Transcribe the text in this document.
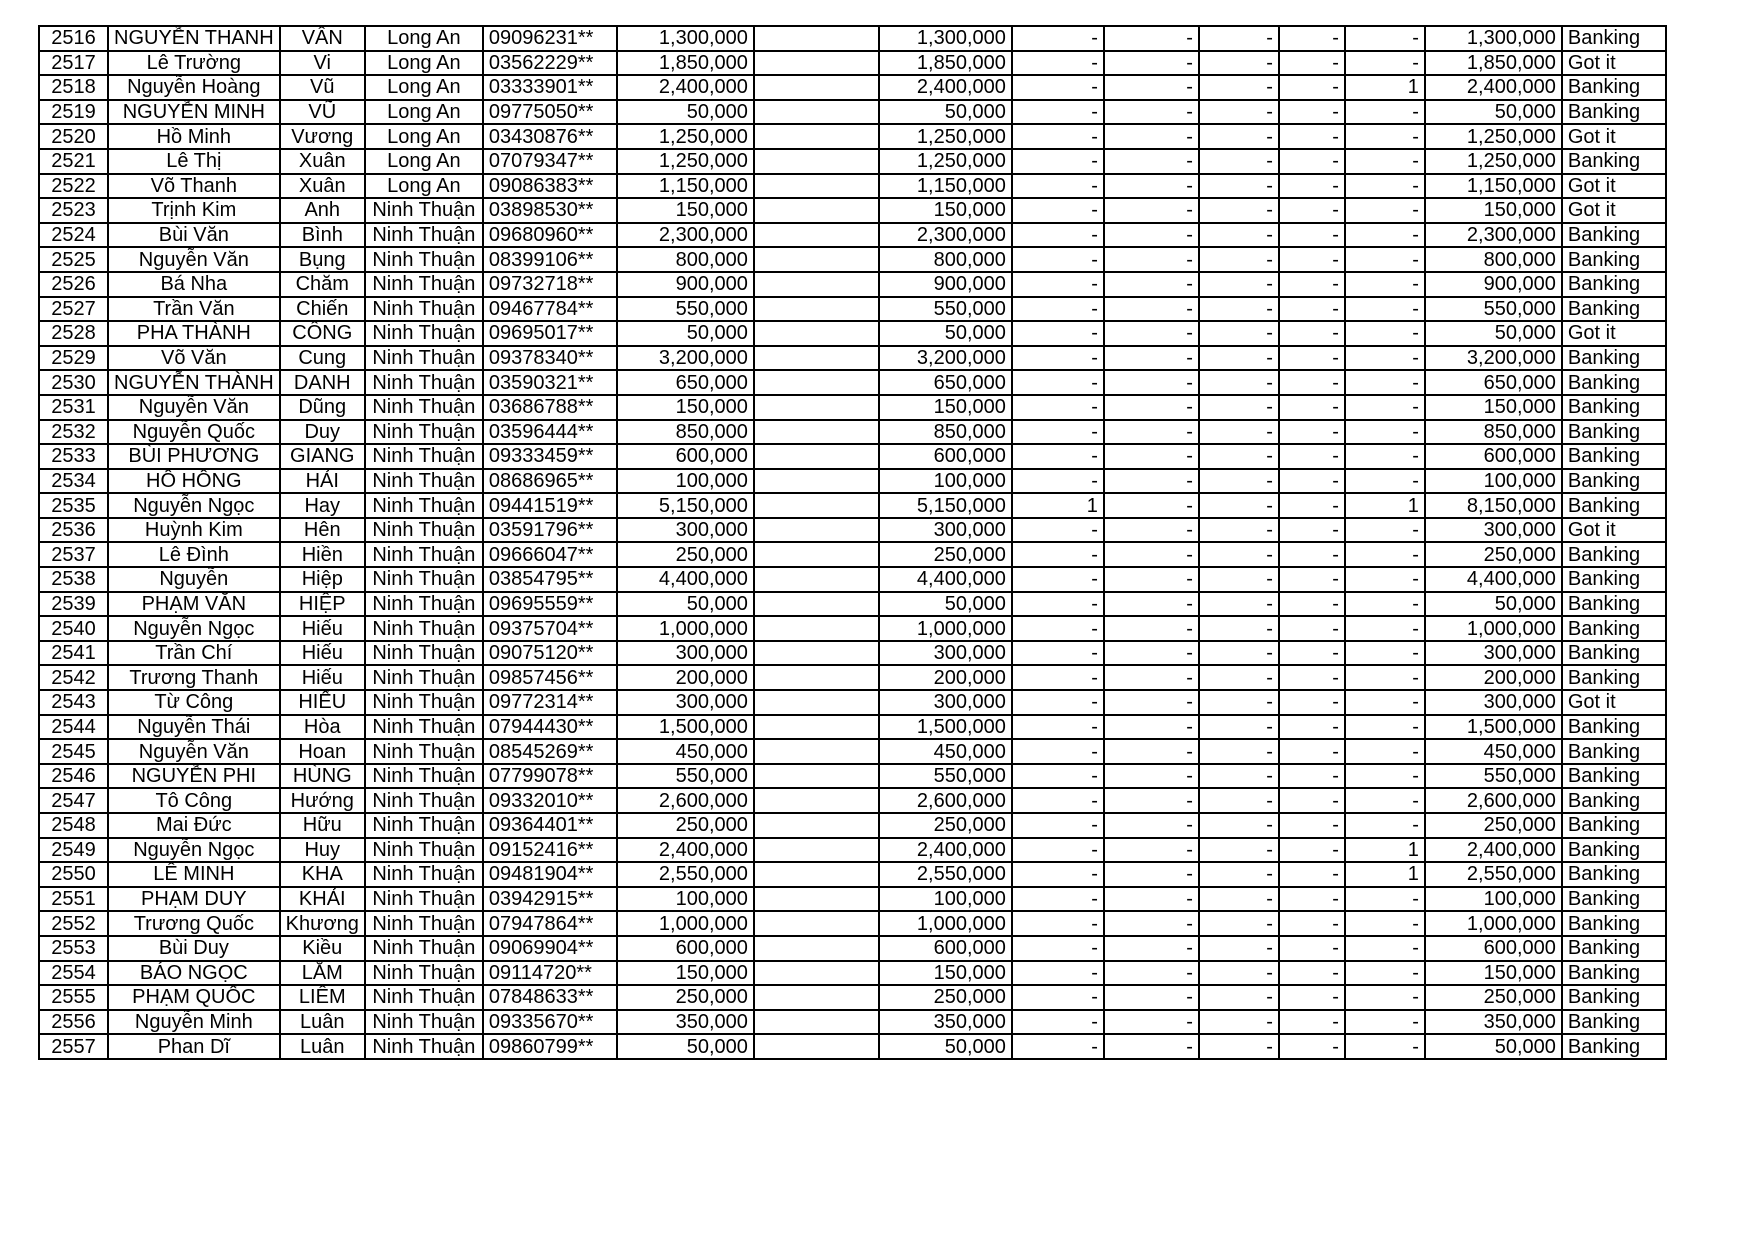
2516	NGUYỄN THANH	VÂN	Long An	09096231**	1,300,000		1,300,000	-	-	-	-	-	1,300,000	Banking
2517	Lê Trường	Vi	Long An	03562229**	1,850,000		1,850,000	-	-	-	-	-	1,850,000	Got it
2518	Nguyễn Hoàng	Vũ	Long An	03333901**	2,400,000		2,400,000	-	-	-	-	1	2,400,000	Banking
2519	NGUYỄN MINH	VŨ	Long An	09775050**	50,000		50,000	-	-	-	-	-	50,000	Banking
2520	Hồ Minh	Vương	Long An	03430876**	1,250,000		1,250,000	-	-	-	-	-	1,250,000	Got it
2521	Lê Thị	Xuân	Long An	07079347**	1,250,000		1,250,000	-	-	-	-	-	1,250,000	Banking
2522	Võ Thanh	Xuân	Long An	09086383**	1,150,000		1,150,000	-	-	-	-	-	1,150,000	Got it
2523	Trịnh Kim	Anh	Ninh Thuận	03898530**	150,000		150,000	-	-	-	-	-	150,000	Got it
2524	Bùi Văn	Bình	Ninh Thuận	09680960**	2,300,000		2,300,000	-	-	-	-	-	2,300,000	Banking
2525	Nguyễn Văn	Bụng	Ninh Thuận	08399106**	800,000		800,000	-	-	-	-	-	800,000	Banking
2526	Bá Nha	Chăm	Ninh Thuận	09732718**	900,000		900,000	-	-	-	-	-	900,000	Banking
2527	Trần Văn	Chiến	Ninh Thuận	09467784**	550,000		550,000	-	-	-	-	-	550,000	Banking
2528	PHA THÀNH	CÔNG	Ninh Thuận	09695017**	50,000		50,000	-	-	-	-	-	50,000	Got it
2529	Võ Văn	Cung	Ninh Thuận	09378340**	3,200,000		3,200,000	-	-	-	-	-	3,200,000	Banking
2530	NGUYỄN THÀNH	DANH	Ninh Thuận	03590321**	650,000		650,000	-	-	-	-	-	650,000	Banking
2531	Nguyễn Văn	Dũng	Ninh Thuận	03686788**	150,000		150,000	-	-	-	-	-	150,000	Banking
2532	Nguyễn Quốc	Duy	Ninh Thuận	03596444**	850,000		850,000	-	-	-	-	-	850,000	Banking
2533	BÙI PHƯƠNG	GIANG	Ninh Thuận	09333459**	600,000		600,000	-	-	-	-	-	600,000	Banking
2534	HỒ HỒNG	HẢI	Ninh Thuận	08686965**	100,000		100,000	-	-	-	-	-	100,000	Banking
2535	Nguyễn Ngọc	Hay	Ninh Thuận	09441519**	5,150,000		5,150,000	1	-	-	-	1	8,150,000	Banking
2536	Huỳnh Kim	Hên	Ninh Thuận	03591796**	300,000		300,000	-	-	-	-	-	300,000	Got it
2537	Lê Đình	Hiền	Ninh Thuận	09666047**	250,000		250,000	-	-	-	-	-	250,000	Banking
2538	Nguyễn	Hiệp	Ninh Thuận	03854795**	4,400,000		4,400,000	-	-	-	-	-	4,400,000	Banking
2539	PHẠM VĂN	HIỆP	Ninh Thuận	09695559**	50,000		50,000	-	-	-	-	-	50,000	Banking
2540	Nguyễn Ngọc	Hiếu	Ninh Thuận	09375704**	1,000,000		1,000,000	-	-	-	-	-	1,000,000	Banking
2541	Trần Chí	Hiếu	Ninh Thuận	09075120**	300,000		300,000	-	-	-	-	-	300,000	Banking
2542	Trương Thanh	Hiếu	Ninh Thuận	09857456**	200,000		200,000	-	-	-	-	-	200,000	Banking
2543	Từ Công	HIẾU	Ninh Thuận	09772314**	300,000		300,000	-	-	-	-	-	300,000	Got it
2544	Nguyễn Thái	Hòa	Ninh Thuận	07944430**	1,500,000		1,500,000	-	-	-	-	-	1,500,000	Banking
2545	Nguyễn Văn	Hoan	Ninh Thuận	08545269**	450,000		450,000	-	-	-	-	-	450,000	Banking
2546	NGUYỄN PHI	HÙNG	Ninh Thuận	07799078**	550,000		550,000	-	-	-	-	-	550,000	Banking
2547	Tô Công	Hướng	Ninh Thuận	09332010**	2,600,000		2,600,000	-	-	-	-	-	2,600,000	Banking
2548	Mai Đức	Hữu	Ninh Thuận	09364401**	250,000		250,000	-	-	-	-	-	250,000	Banking
2549	Nguyễn Ngọc	Huy	Ninh Thuận	09152416**	2,400,000		2,400,000	-	-	-	-	1	2,400,000	Banking
2550	LÊ MINH	KHA	Ninh Thuận	09481904**	2,550,000		2,550,000	-	-	-	-	1	2,550,000	Banking
2551	PHẠM DUY	KHẢI	Ninh Thuận	03942915**	100,000		100,000	-	-	-	-	-	100,000	Banking
2552	Trương Quốc	Khương	Ninh Thuận	07947864**	1,000,000		1,000,000	-	-	-	-	-	1,000,000	Banking
2553	Bùi Duy	Kiều	Ninh Thuận	09069904**	600,000		600,000	-	-	-	-	-	600,000	Banking
2554	BÁO NGỌC	LẮM	Ninh Thuận	09114720**	150,000		150,000	-	-	-	-	-	150,000	Banking
2555	PHẠM QUỐC	LIÊM	Ninh Thuận	07848633**	250,000		250,000	-	-	-	-	-	250,000	Banking
2556	Nguyễn Minh	Luân	Ninh Thuận	09335670**	350,000		350,000	-	-	-	-	-	350,000	Banking
2557	Phan Dĩ	Luân	Ninh Thuận	09860799**	50,000		50,000	-	-	-	-	-	50,000	Banking
